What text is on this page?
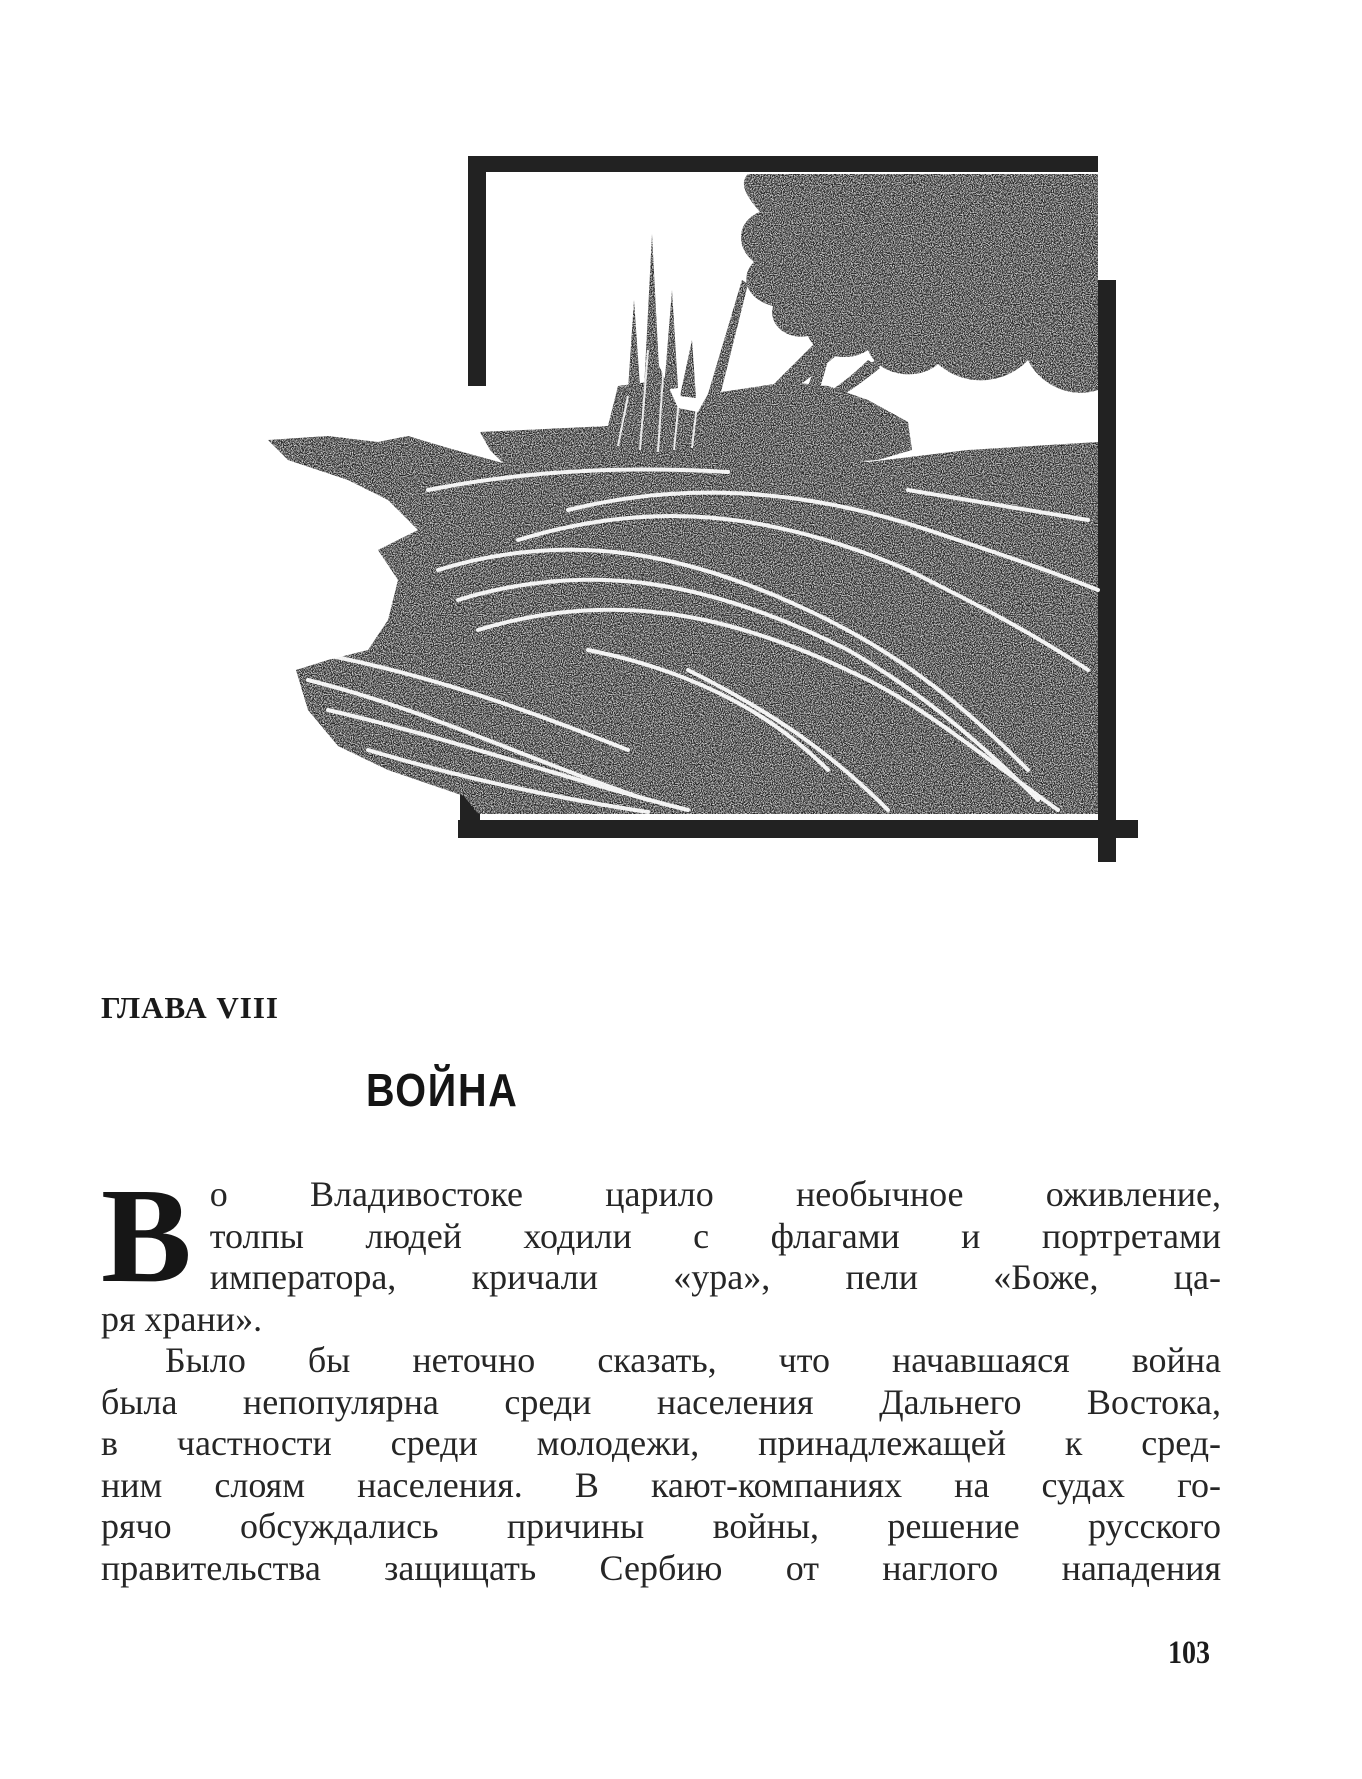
ГЛАВА VIII
ВОЙНА

В о Владивостоке царило необычное оживление,
толпы людей ходили с флагами и портретами
императора, кричали «ура», пели «Боже, ца-

ря храни».

Было бы неточно сказать, что начавшаяся война

была непопулярна среди населения Дальнего Востока,
в частности среди молодежи, принадлежащей к сред-
ним слоям населения. В кают-компаниях на судах го-
рячо обсуждались причины войны, решение русского
правительства защищать Сербию от наглого нападения

103
